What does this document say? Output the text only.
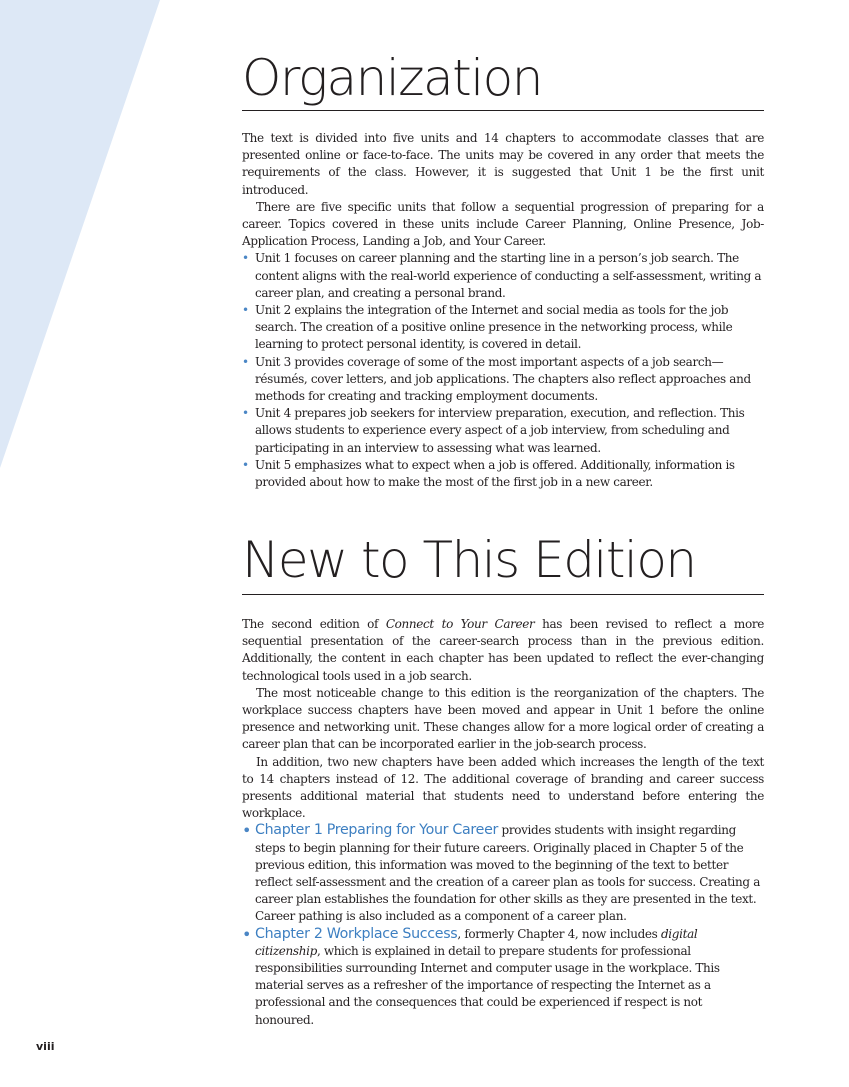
Organization

The text is divided into five units and 14 chapters to accommodate classes that are presented online or face-to-face. The units may be covered in any order that meets the requirements of the class. However, it is suggested that Unit 1 be the first unit introduced.

There are five specific units that follow a sequential progression of preparing for a career. Topics covered in these units include Career Planning, Online Presence, Job-Application Process, Landing a Job, and Your Career.

• Unit 1 focuses on career planning and the starting line in a person’s job search. The content aligns with the real-world experience of conducting a self-assessment, writing a career plan, and creating a personal brand.
• Unit 2 explains the integration of the Internet and social media as tools for the job search. The creation of a positive online presence in the networking process, while learning to protect personal identity, is covered in detail.
• Unit 3 provides coverage of some of the most important aspects of a job search—résumés, cover letters, and job applications. The chapters also reflect approaches and methods for creating and tracking employment documents.
• Unit 4 prepares job seekers for interview preparation, execution, and reflection. This allows students to experience every aspect of a job interview, from scheduling and participating in an interview to assessing what was learned.
• Unit 5 emphasizes what to expect when a job is offered. Additionally, information is provided about how to make the most of the first job in a new career.
New to This Edition

The second edition of Connect to Your Career has been revised to reflect a more sequential presentation of the career-search process than in the previous edition. Additionally, the content in each chapter has been updated to reflect the ever-changing technological tools used in a job search.

The most noticeable change to this edition is the reorganization of the chapters. The workplace success chapters have been moved and appear in Unit 1 before the online presence and networking unit. These changes allow for a more logical order of creating a career plan that can be incorporated earlier in the job-search process.

In addition, two new chapters have been added which increases the length of the text to 14 chapters instead of 12. The additional coverage of branding and career success presents additional material that students need to understand before entering the workplace.

• Chapter 1 Preparing for Your Career provides students with insight regarding steps to begin planning for their future careers. Originally placed in Chapter 5 of the previous edition, this information was moved to the beginning of the text to better reflect self-assessment and the creation of a career plan as tools for success. Creating a career plan establishes the foundation for other skills as they are presented in the text. Career pathing is also included as a component of a career plan.
• Chapter 2 Workplace Success, formerly Chapter 4, now includes digital citizenship, which is explained in detail to prepare students for professional responsibilities surrounding Internet and computer usage in the workplace. This material serves as a refresher of the importance of respecting the Internet as a professional and the consequences that could be experienced if respect is not honoured.
viii
